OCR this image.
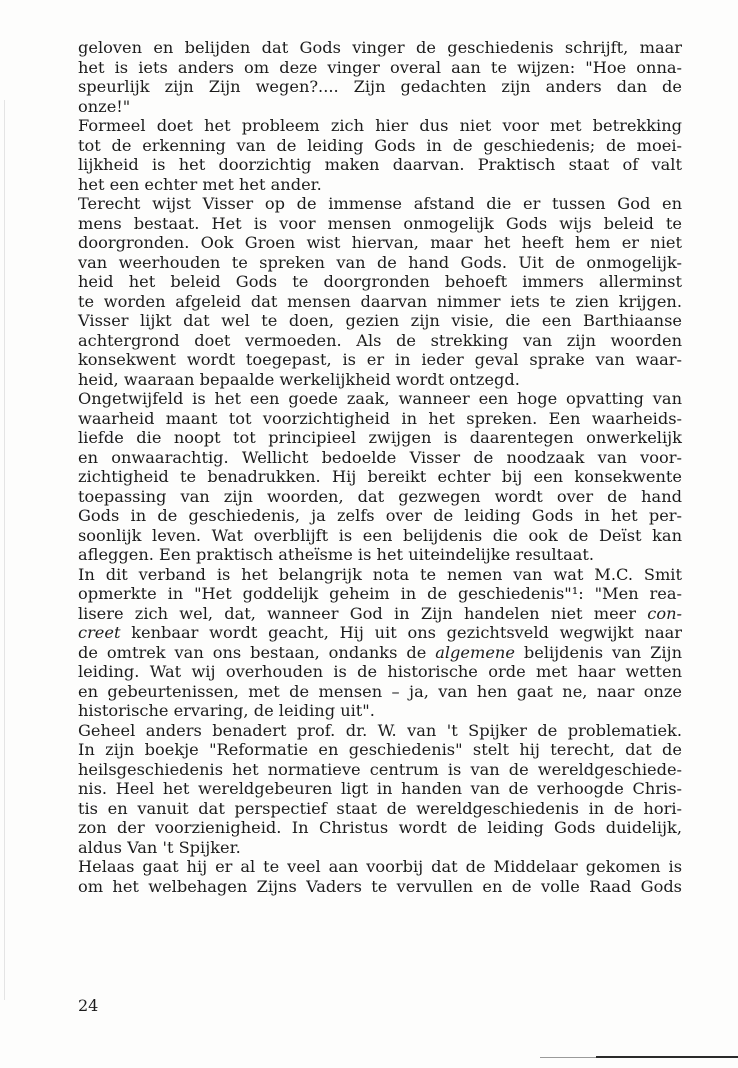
geloven en belijden dat Gods vinger de geschiedenis schrijft, maar
het is iets anders om deze vinger overal aan te wijzen: "Hoe onna-
speurlijk zijn Zijn wegen?.... Zijn gedachten zijn anders dan de
onze!"
Formeel doet het probleem zich hier dus niet voor met betrekking
tot de erkenning van de leiding Gods in de geschiedenis; de moei-
lijkheid is het doorzichtig maken daarvan. Praktisch staat of valt
het een echter met het ander.
Terecht wijst Visser op de immense afstand die er tussen God en
mens bestaat. Het is voor mensen onmogelijk Gods wijs beleid te
doorgronden. Ook Groen wist hiervan, maar het heeft hem er niet
van weerhouden te spreken van de hand Gods. Uit de onmogelijk-
heid het beleid Gods te doorgronden behoeft immers allerminst
te worden afgeleid dat mensen daarvan nimmer iets te zien krijgen.
Visser lijkt dat wel te doen, gezien zijn visie, die een Barthiaanse
achtergrond doet vermoeden. Als de strekking van zijn woorden
konsekwent wordt toegepast, is er in ieder geval sprake van waar-
heid, waaraan bepaalde werkelijkheid wordt ontzegd.
Ongetwijfeld is het een goede zaak, wanneer een hoge opvatting van
waarheid maant tot voorzichtigheid in het spreken. Een waarheids-
liefde die noopt tot principieel zwijgen is daarentegen onwerkelijk
en onwaarachtig. Wellicht bedoelde Visser de noodzaak van voor-
zichtigheid te benadrukken. Hij bereikt echter bij een konsekwente
toepassing van zijn woorden, dat gezwegen wordt over de hand
Gods in de geschiedenis, ja zelfs over de leiding Gods in het per-
soonlijk leven. Wat overblijft is een belijdenis die ook de Deïst kan
afleggen. Een praktisch atheïsme is het uiteindelijke resultaat.
In dit verband is het belangrijk nota te nemen van wat M.C. Smit
opmerkte in "Het goddelijk geheim in de geschiedenis"¹: "Men rea-
lisere zich wel, dat, wanneer God in Zijn handelen niet meer con-
creet kenbaar wordt geacht, Hij uit ons gezichtsveld wegwijkt naar
de omtrek van ons bestaan, ondanks de algemene belijdenis van Zijn
leiding. Wat wij overhouden is de historische orde met haar wetten
en gebeurtenissen, met de mensen – ja, van hen gaat ne, naar onze
historische ervaring, de leiding uit".
Geheel anders benadert prof. dr. W. van 't Spijker de problematiek.
In zijn boekje "Reformatie en geschiedenis" stelt hij terecht, dat de
heilsgeschiedenis het normatieve centrum is van de wereldgeschiede-
nis. Heel het wereldgebeuren ligt in handen van de verhoogde Chris-
tis en vanuit dat perspectief staat de wereldgeschiedenis in de hori-
zon der voorzienigheid. In Christus wordt de leiding Gods duidelijk,
aldus Van 't Spijker.
Helaas gaat hij er al te veel aan voorbij dat de Middelaar gekomen is
om het welbehagen Zijns Vaders te vervullen en de volle Raad Gods
24
